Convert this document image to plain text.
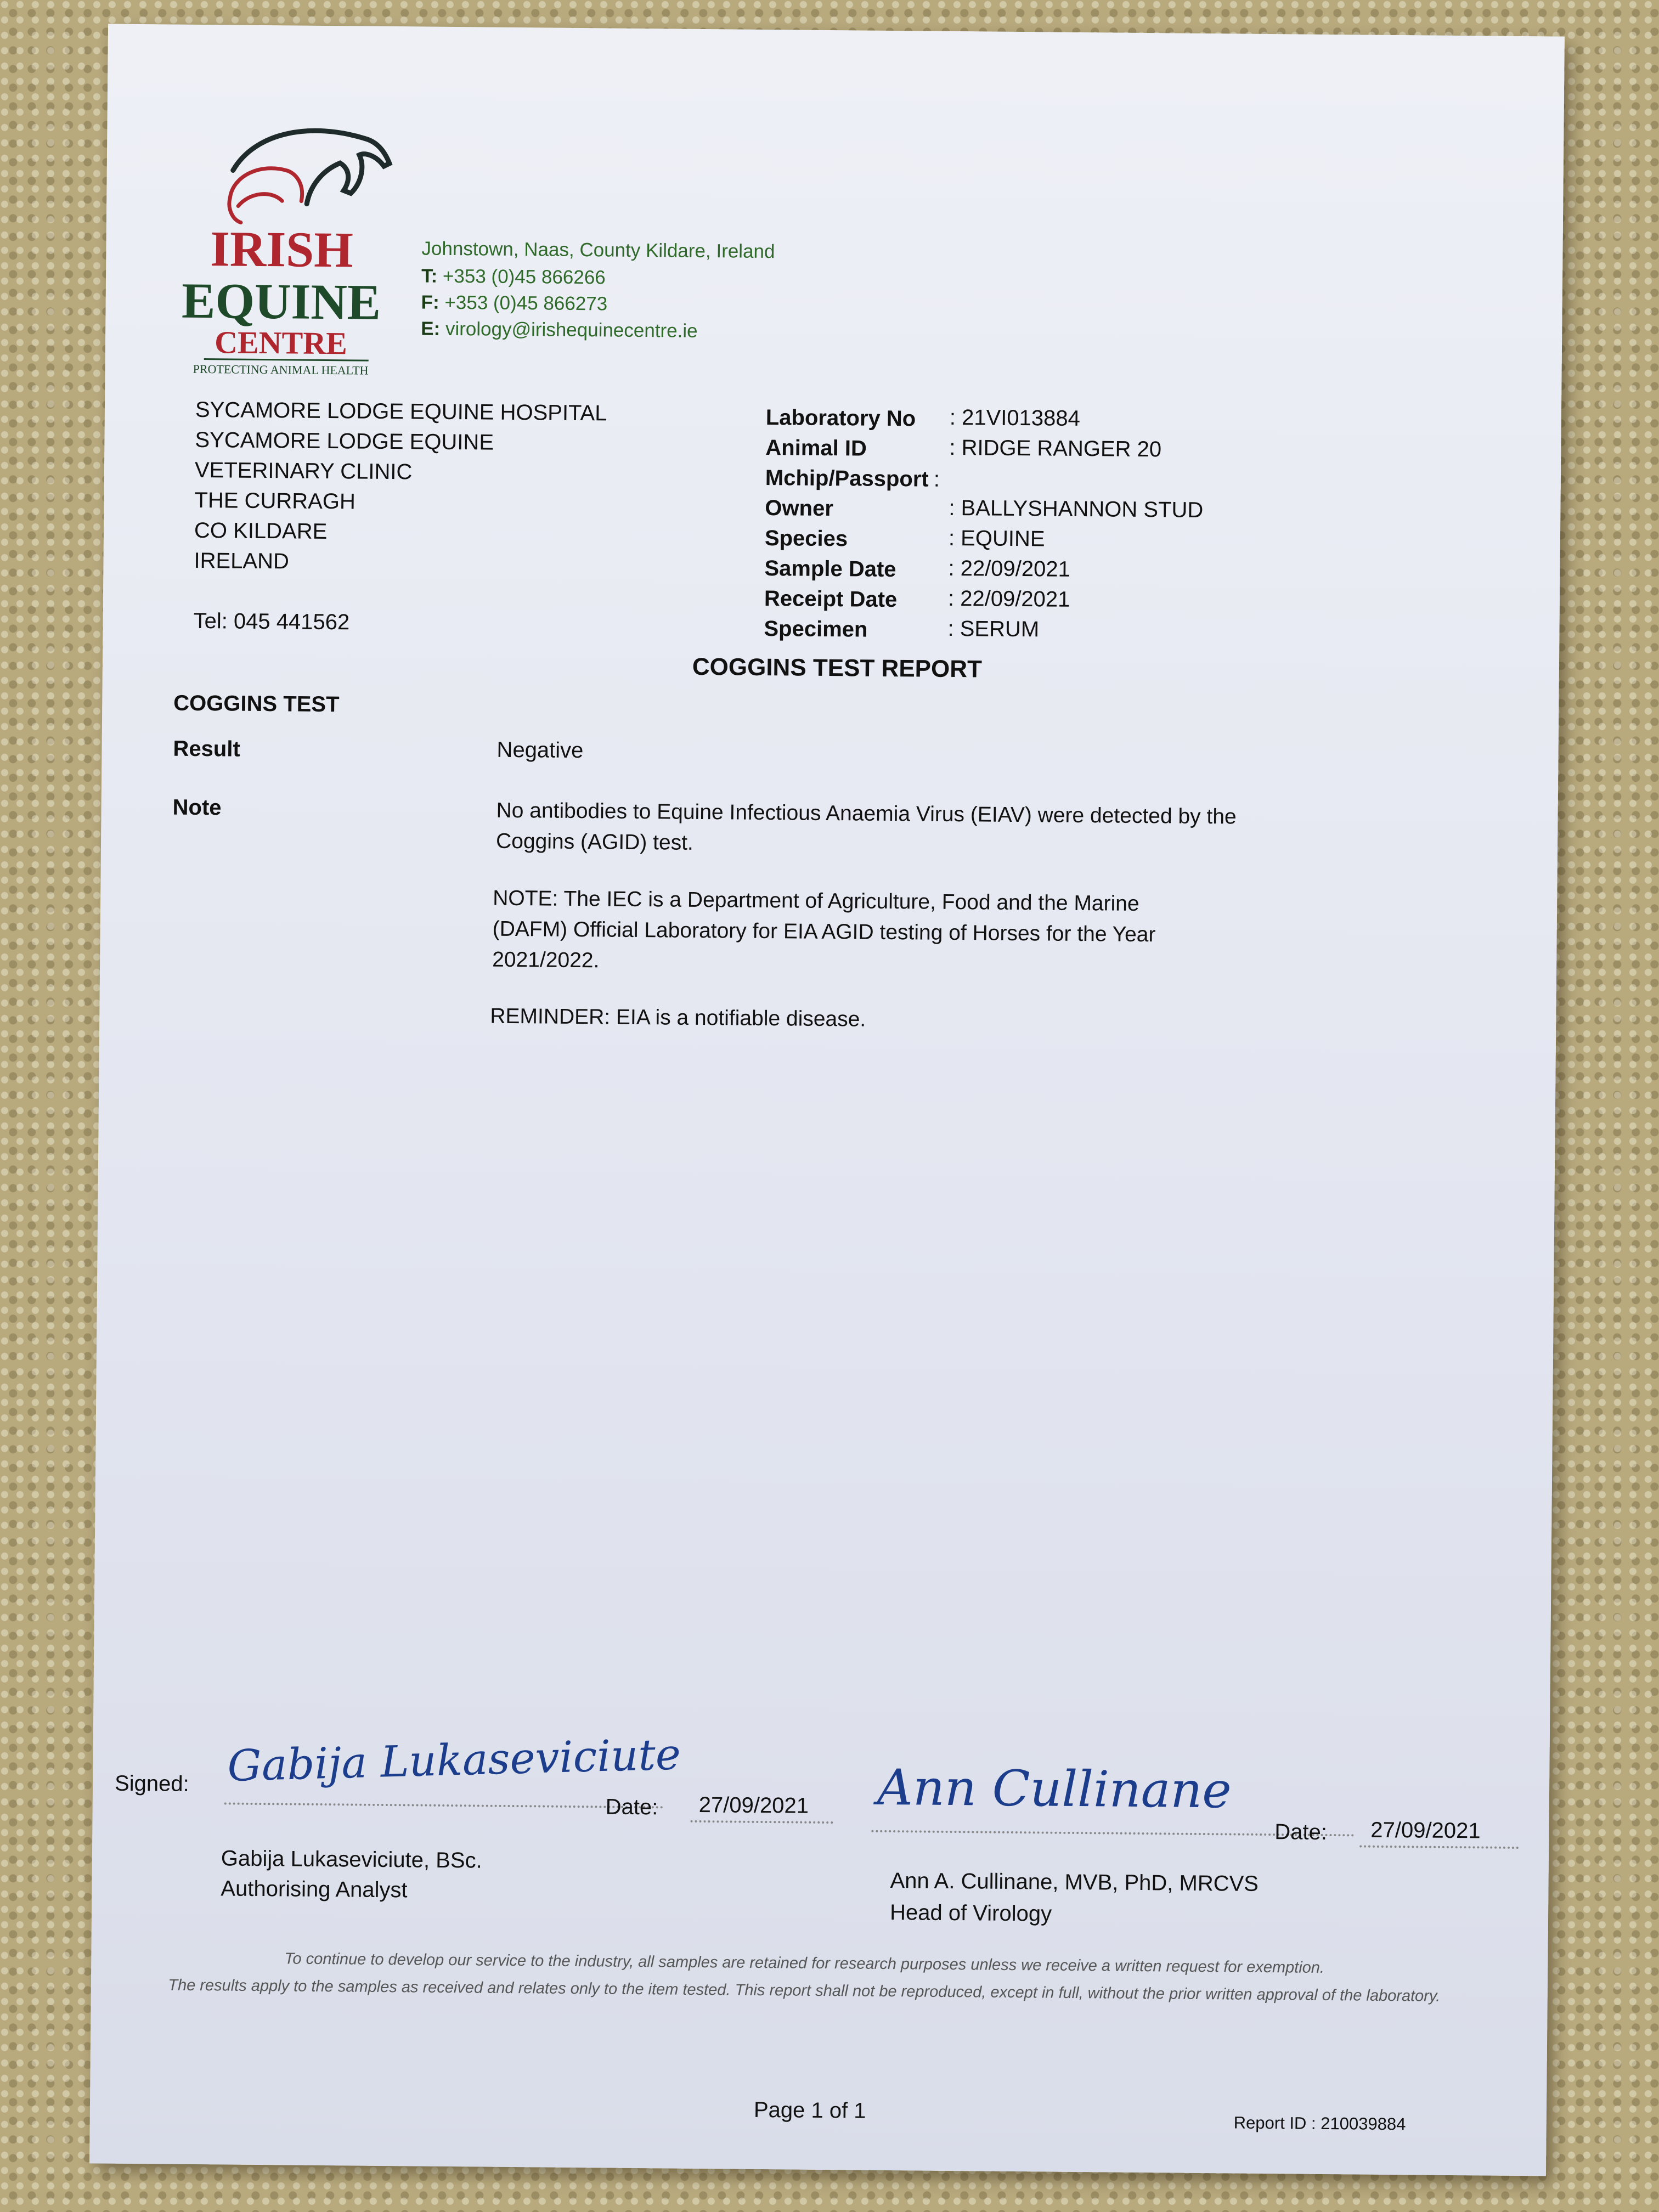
IRISH
EQUINE
CENTRE
PROTECTING ANIMAL HEALTH
Johnstown, Naas, County Kildare, Ireland
T: +353 (0)45 866266
F: +353 (0)45 866273
E: virology@irishequinecentre.ie
SYCAMORE LODGE EQUINE HOSPITAL
SYCAMORE LODGE EQUINE
VETERINARY CLINIC
THE CURRAGH
CO KILDARE
IRELAND
Tel: 045 441562
Laboratory No : 21VI013884
Animal ID	: RIDGE RANGER 20
Mchip/Passport :
Owner	: BALLYSHANNON STUD
Species	: EQUINE
Sample Date : 22/09/2021
Receipt Date : 22/09/2021
Specimen	: SERUM
COGGINS TEST REPORT
COGGINS TEST
Result	Negative
Note	No antibodies to Equine Infectious Anaemia Virus (EIAV) were detected by the Coggins (AGID) test.
NOTE: The IEC is a Department of Agriculture, Food and the Marine (DAFM) Official Laboratory for EIA AGID testing of Horses for the Year 2021/2022.
REMINDER: EIA is a notifiable disease.
Signed: Gabija Lukaseviciute
Date: 27/09/2021
Gabija Lukaseviciute, BSc.
Authorising Analyst
Ann Cullinane
Date: 27/09/2021
Ann A. Cullinane, MVB, PhD, MRCVS
Head of Virology
To continue to develop our service to the industry, all samples are retained for research purposes unless we receive a written request for exemption.
The results apply to the samples as received and relates only to the item tested. This report shall not be reproduced, except in full, without the prior written approval of the laboratory.
Page 1 of 1
Report ID : 210039884
